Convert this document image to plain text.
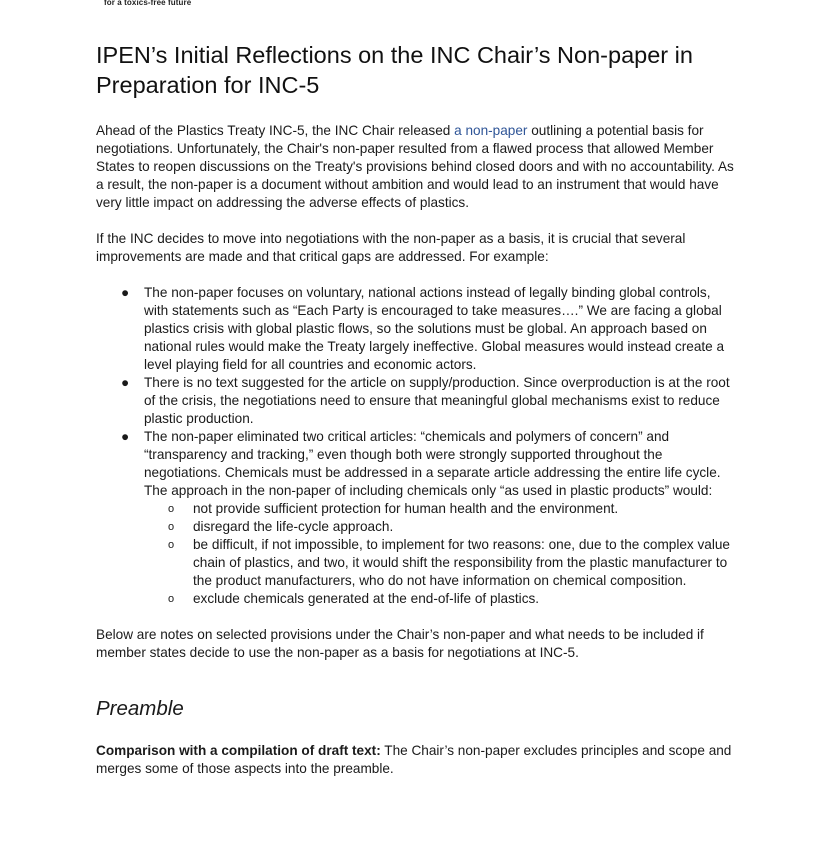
for a toxics-free future
IPEN’s Initial Reflections on the INC Chair’s Non-paper in Preparation for INC-5

Ahead of the Plastics Treaty INC-5, the INC Chair released a non-paper outlining a potential basis for negotiations. Unfortunately, the Chair's non-paper resulted from a flawed process that allowed Member States to reopen discussions on the Treaty's provisions behind closed doors and with no accountability. As a result, the non-paper is a document without ambition and would lead to an instrument that would have very little impact on addressing the adverse effects of plastics.

If the INC decides to move into negotiations with the non-paper as a basis, it is crucial that several improvements are made and that critical gaps are addressed. For example:

● The non-paper focuses on voluntary, national actions instead of legally binding global controls, with statements such as “Each Party is encouraged to take measures….” We are facing a global plastics crisis with global plastic flows, so the solutions must be global. An approach based on national rules would make the Treaty largely ineffective. Global measures would instead create a level playing field for all countries and economic actors.
● There is no text suggested for the article on supply/production. Since overproduction is at the root of the crisis, the negotiations need to ensure that meaningful global mechanisms exist to reduce plastic production.
● The non-paper eliminated two critical articles: “chemicals and polymers of concern” and “transparency and tracking,” even though both were strongly supported throughout the negotiations. Chemicals must be addressed in a separate article addressing the entire life cycle. The approach in the non-paper of including chemicals only “as used in plastic products” would:
o not provide sufficient protection for human health and the environment.
o disregard the life-cycle approach.
o be difficult, if not impossible, to implement for two reasons: one, due to the complex value chain of plastics, and two, it would shift the responsibility from the plastic manufacturer to the product manufacturers, who do not have information on chemical composition.
o exclude chemicals generated at the end-of-life of plastics.

Below are notes on selected provisions under the Chair’s non-paper and what needs to be included if member states decide to use the non-paper as a basis for negotiations at INC-5.

Preamble

Comparison with a compilation of draft text: The Chair’s non-paper excludes principles and scope and merges some of those aspects into the preamble.
